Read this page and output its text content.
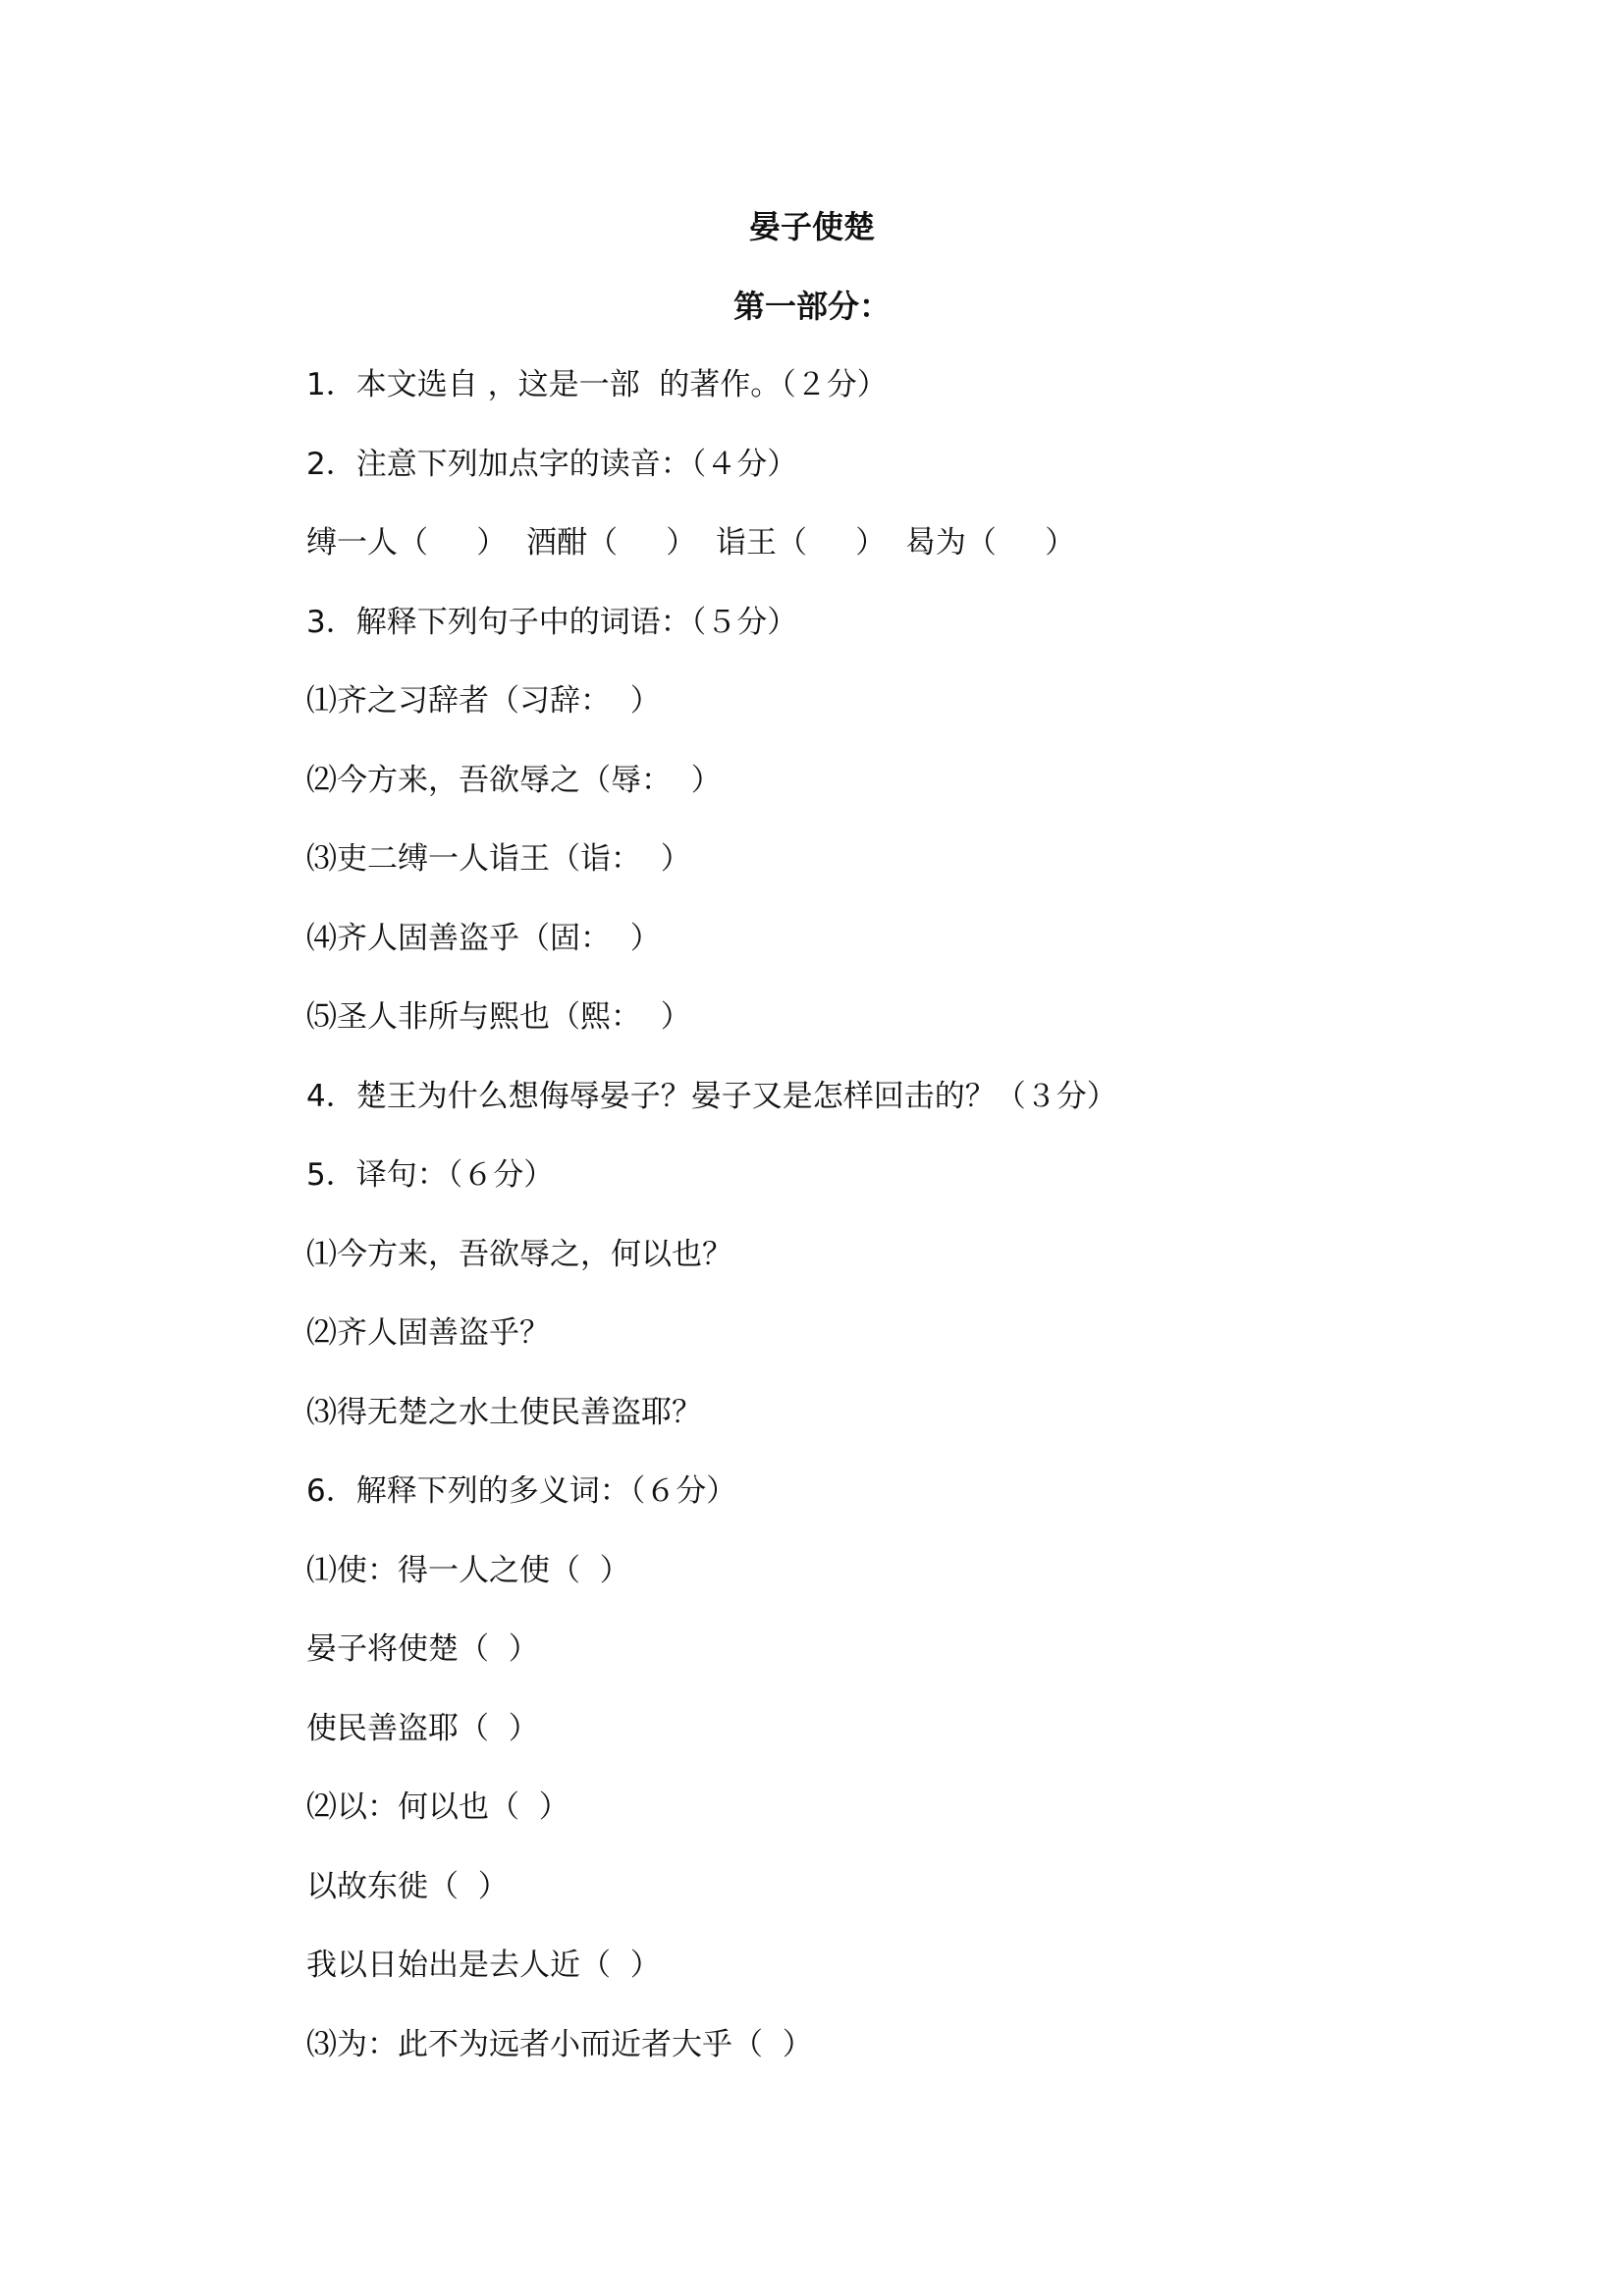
晏子使楚
第一部分：
1．本文选自 ，这是一部  的著作。（２分）
2．注意下列加点字的读音：（４分）
缚一人（     ）  酒酣（     ）  诣王（     ）  曷为（     ）
3．解释下列句子中的词语：（５分）
⑴齐之习辞者（习辞：  ）
⑵今方来，吾欲辱之（辱：  ）
⑶吏二缚一人诣王（诣：  ）
⑷齐人固善盗乎（固：  ）
⑸圣人非所与熙也（熙：  ）
4．楚王为什么想侮辱晏子？晏子又是怎样回击的？（３分）
5．译句：（６分）
⑴今方来，吾欲辱之，何以也？
⑵齐人固善盗乎？
⑶得无楚之水土使民善盗耶？
6．解释下列的多义词：（６分）
⑴使：得一人之使（  ）
晏子将使楚（  ）
使民善盗耶（  ）
⑵以：何以也（  ）
以故东徙（  ）
我以日始出是去人近（  ）
⑶为：此不为远者小而近者大乎（  ）
